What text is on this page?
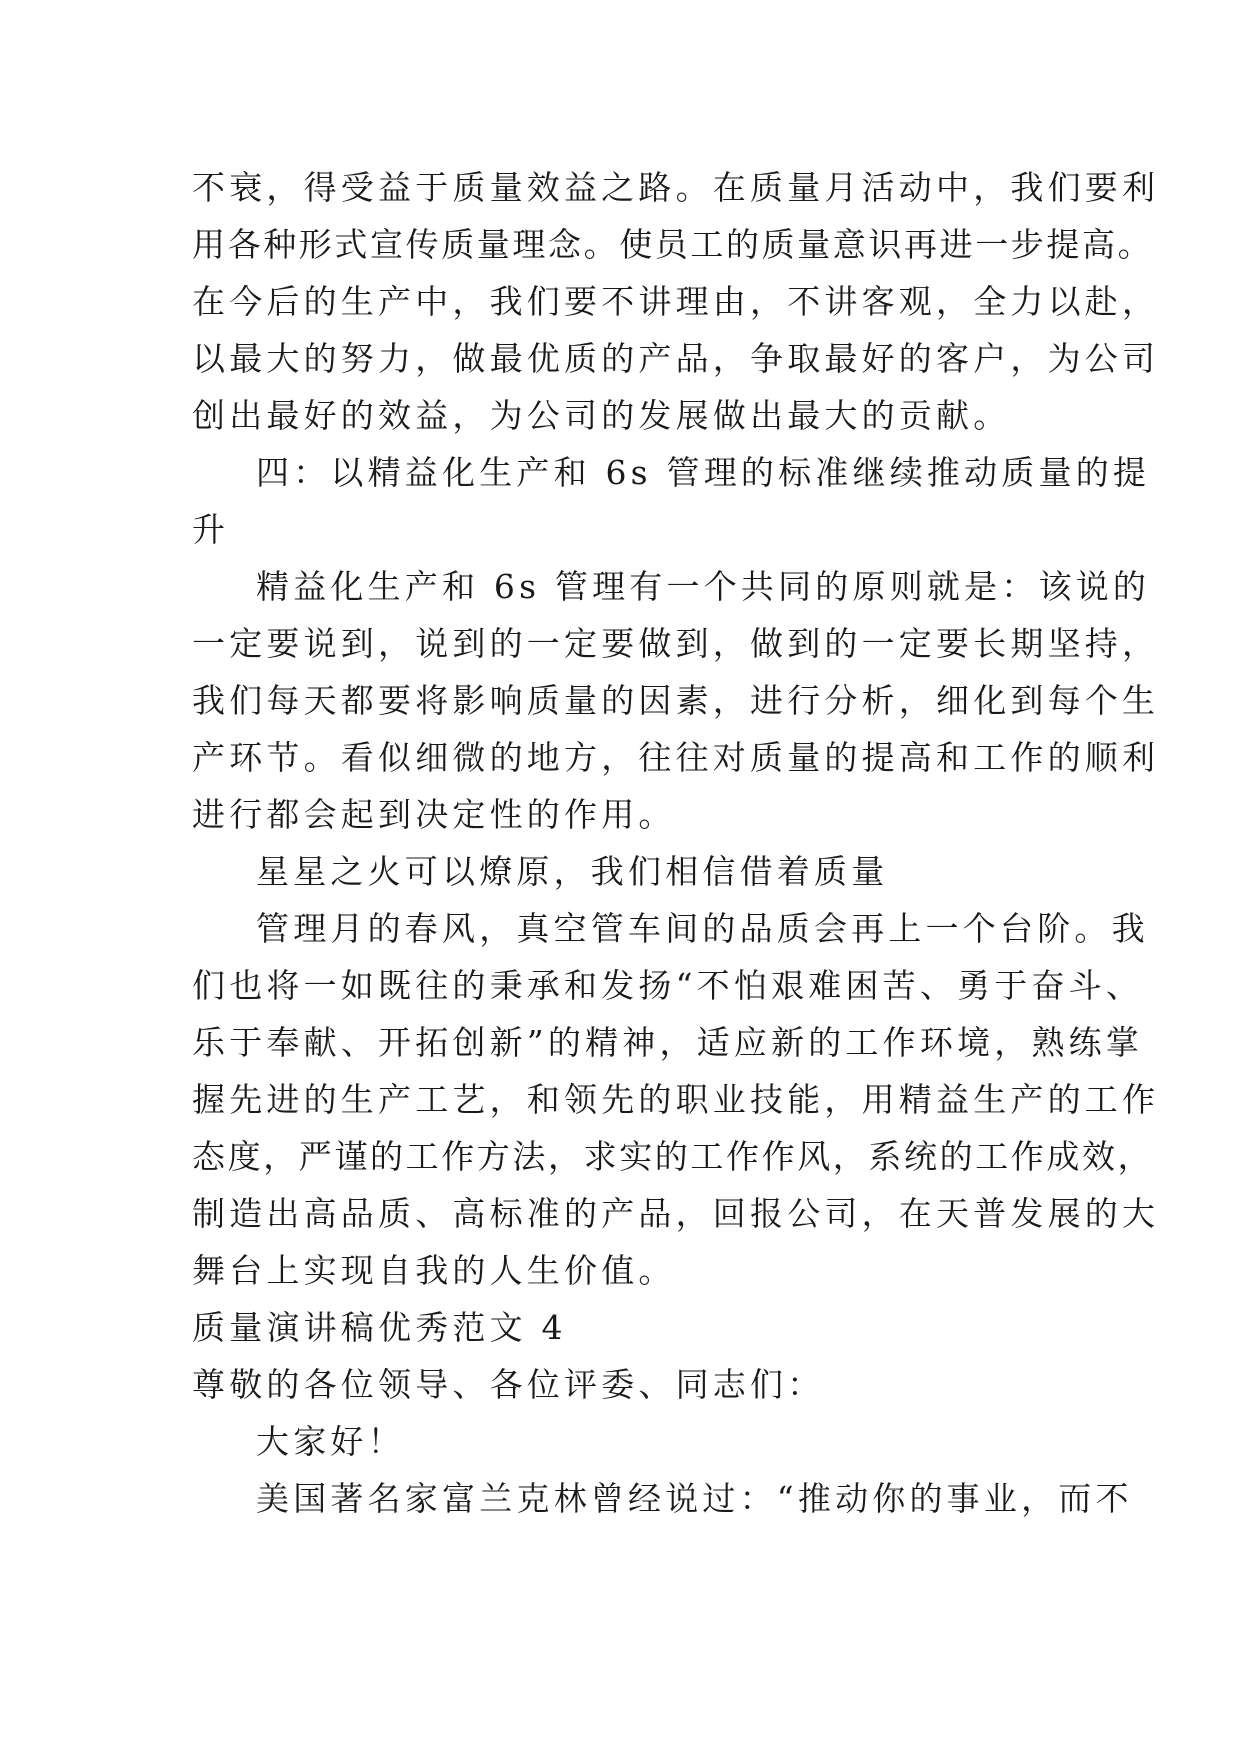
不衰，得受益于质量效益之路。在质量月活动中，我们要利
用各种形式宣传质量理念。使员工的质量意识再进一步提高。
在今后的生产中，我们要不讲理由，不讲客观，全力以赴，
以最大的努力，做最优质的产品，争取最好的客户，为公司
创出最好的效益，为公司的发展做出最大的贡献。
四：以精益化生产和 6s 管理的标准继续推动质量的提
升
精益化生产和 6s 管理有一个共同的原则就是：该说的
一定要说到，说到的一定要做到，做到的一定要长期坚持，
我们每天都要将影响质量的因素，进行分析，细化到每个生
产环节。看似细微的地方，往往对质量的提高和工作的顺利
进行都会起到决定性的作用。
星星之火可以燎原，我们相信借着质量
管理月的春风，真空管车间的品质会再上一个台阶。我
们也将一如既往的秉承和发扬“不怕艰难困苦、勇于奋斗、
乐于奉献、开拓创新”的精神，适应新的工作环境，熟练掌
握先进的生产工艺，和领先的职业技能，用精益生产的工作
态度，严谨的工作方法，求实的工作作风，系统的工作成效，
制造出高品质、高标准的产品，回报公司，在天普发展的大
舞台上实现自我的人生价值。
质量演讲稿优秀范文 4
尊敬的各位领导、各位评委、同志们：
大家好！
美国著名家富兰克林曾经说过：“推动你的事业，而不
